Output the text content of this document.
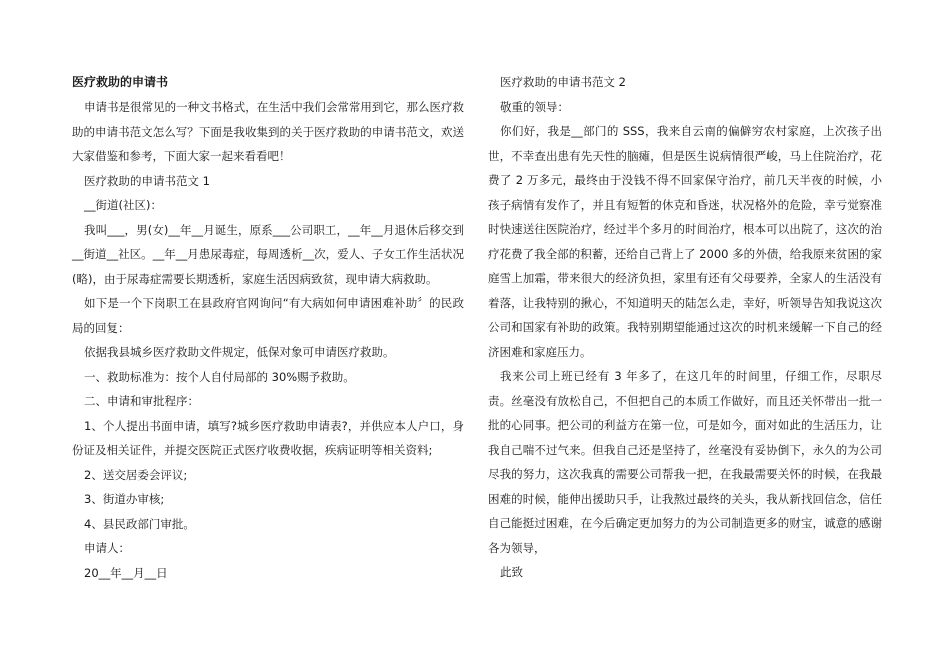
医疗救助的申请书

申请书是很常见的一种文书格式，在生活中我们会常常用到它，那么医疗救助的申请书范文怎么写？下面是我收集到的关于医疗救助的申请书范文，欢送大家借鉴和参考，下面大家一起来看看吧！

医疗救助的申请书范文 1

__街道(社区)：

我叫___，男(女)__年__月诞生，原系___公司职工，__年__月退休后移交到__街道__社区。__年__月患尿毒症，每周透析__次，爱人、子女工作生活状况(略)，由于尿毒症需要长期透析，家庭生活因病致贫，现申请大病救助。

如下是一个下岗职工在县政府官网询问“有大病如何申请困难补助〞的民政局的回复：

依据我县城乡医疗救助文件规定，低保对象可申请医疗救助。

一、救助标准为：按个人自付局部的 30%赐予救助。

二、申请和审批程序：

1、个人提出书面申请，填写?城乡医疗救助申请表?，并供应本人户口，身份证及相关证件，并提交医院正式医疗收费收据，疾病证明等相关资料;

2、送交居委会评议;

3、街道办审核;

4、县民政部门审批。

申请人：

20__年__月__日

医疗救助的申请书范文 2

敬重的领导：

你们好，我是__部门的 SSS，我来自云南的偏僻穷农村家庭，上次孩子出世，不幸查出患有先天性的脑瘫，但是医生说病情很严峻，马上住院治疗，花费了 2 万多元，最终由于没钱不得不回家保守治疗，前几天半夜的时候，小孩子病情有发作了，并且有短暂的休克和昏迷，状况格外的危险，幸亏觉察准时快速送往医院治疗，经过半个多月的时间治疗，根本可以出院了，这次的治疗花费了我全部的积蓄，还给自己背上了 2000 多的外债，给我原来贫困的家庭雪上加霜，带来很大的经济负担，家里有还有父母要养，全家人的生活没有着落，让我特别的揪心，不知道明天的陆怎么走，幸好，听领导告知我说这次公司和国家有补助的政策。我特别期望能通过这次的时机来缓解一下自己的经济困难和家庭压力。

我来公司上班已经有 3 年多了，在这几年的时间里，仔细工作，尽职尽责。丝毫没有放松自己，不但把自己的本质工作做好，而且还关怀带出一批一批的心同事。把公司的利益方在第一位，可是如今，面对如此的生活压力，让我自己喘不过气来。但我自己还是坚持了，丝毫没有妥协倒下，永久的为公司尽我的努力，这次我真的需要公司帮我一把，在我最需要关怀的时候，在我最困难的时候，能伸出援助只手，让我熬过最终的关头，我从新找回信念，信任自己能挺过困难，在今后确定更加努力的为公司制造更多的财宝，诚意的感谢各为领导，

此致
